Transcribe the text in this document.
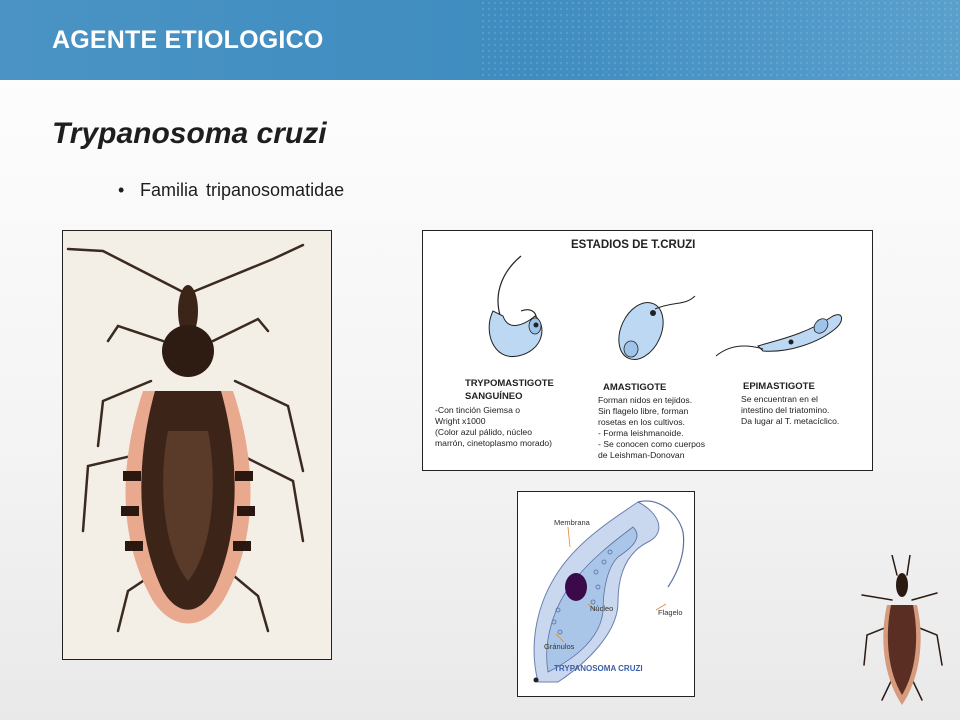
AGENTE ETIOLOGICO
Trypanosoma cruzi
• Familia tripanosomatidae
ESTADIOS DE T.CRUZI
TRYPOMASTIGOTE
SANGUÍNEO
-Con tinción Giemsa o
Wright x1000
(Color azul pálido, núcleo
marrón, cinetoplasmo morado)
AMASTIGOTE
Forman nidos en tejidos.
Sin flagelo libre, forman
rosetas en los cultivos.
- Forma leishmanoide.
- Se conocen como cuerpos
de Leishman-Donovan
EPIMASTIGOTE
Se encuentran en el
intestino del triatomino.
Da lugar al T. metacíclico.
Membrana
Núcleo	Flagelo
Gránulos
TRYPANOSOMA CRUZI
